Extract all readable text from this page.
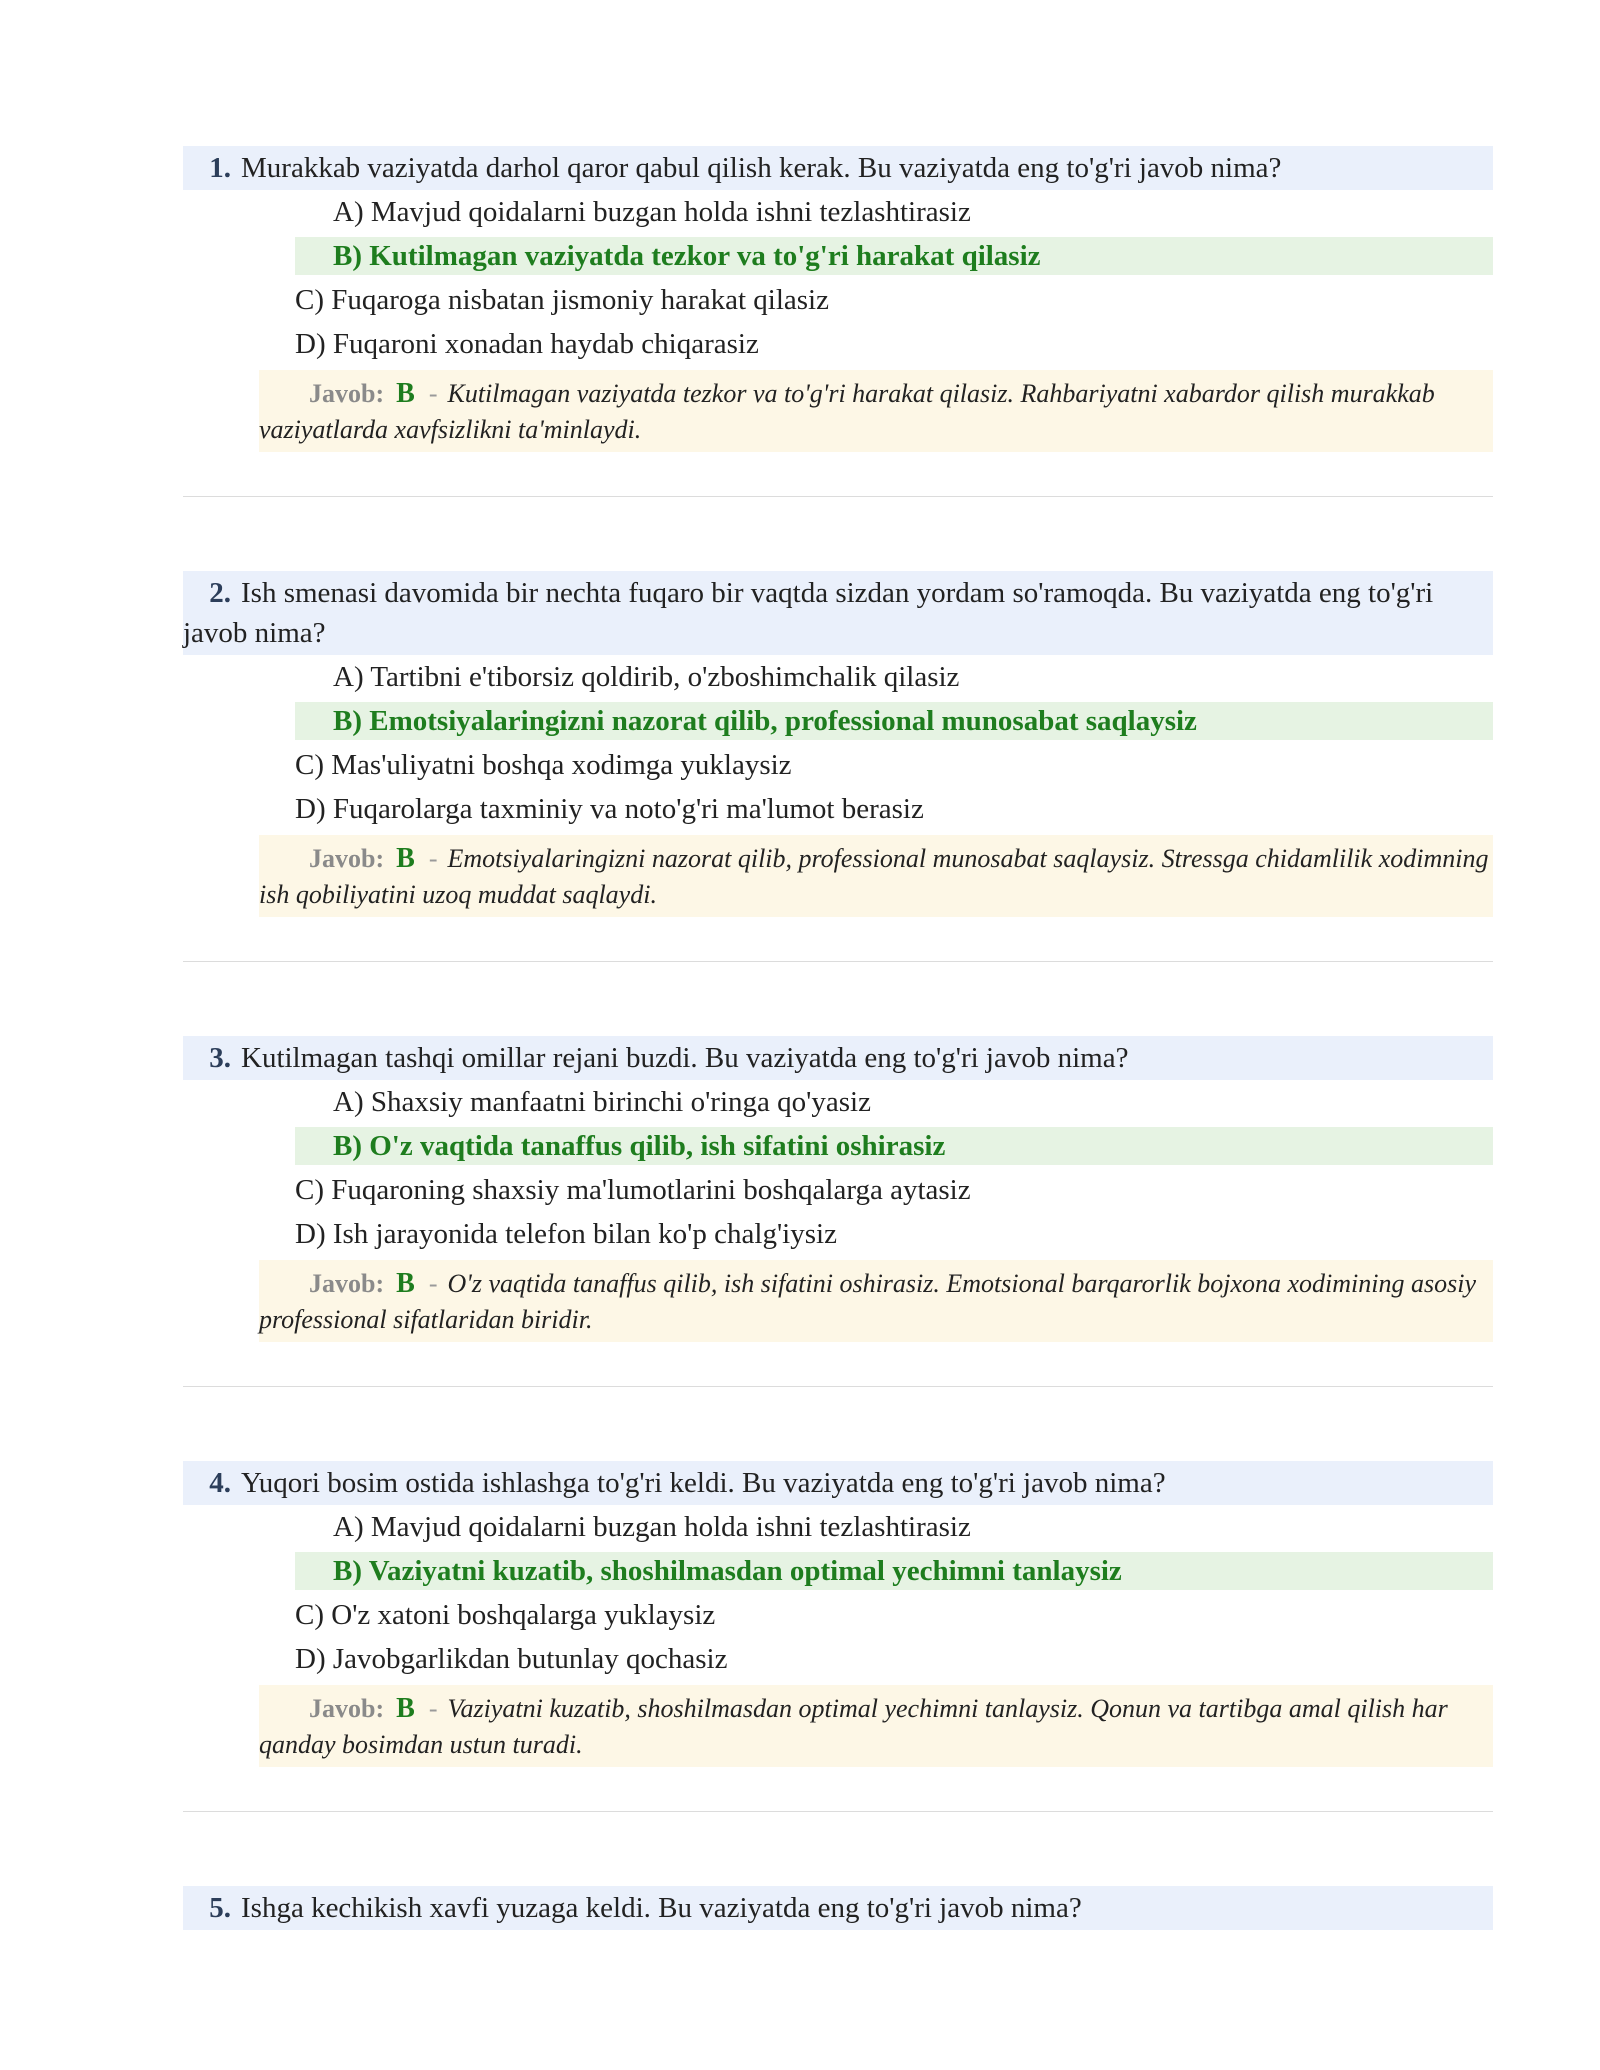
1. Murakkab vaziyatda darhol qaror qabul qilish kerak. Bu vaziyatda eng to'g'ri javob nima?

A) Mavjud qoidalarni buzgan holda ishni tezlashtirasiz
B) Kutilmagan vaziyatda tezkor va to'g'ri harakat qilasiz
C) Fuqaroga nisbatan jismoniy harakat qilasiz
D) Fuqaroni xonadan haydab chiqarasiz
Javob: B - Kutilmagan vaziyatda tezkor va to'g'ri harakat qilasiz. Rahbariyatni xabardor qilish murakkab vaziyatlarda xavfsizlikni ta'minlaydi.

2. Ish smenasi davomida bir nechta fuqaro bir vaqtda sizdan yordam so'ramoqda. Bu vaziyatda eng to'g'ri javob nima?

A) Tartibni e'tiborsiz qoldirib, o'zboshimchalik qilasiz
B) Emotsiyalaringizni nazorat qilib, professional munosabat saqlaysiz
C) Mas'uliyatni boshqa xodimga yuklaysiz
D) Fuqarolarga taxminiy va noto'g'ri ma'lumot berasiz
Javob: B - Emotsiyalaringizni nazorat qilib, professional munosabat saqlaysiz. Stressga chidamlilik xodimning ish qobiliyatini uzoq muddat saqlaydi.

3. Kutilmagan tashqi omillar rejani buzdi. Bu vaziyatda eng to'g'ri javob nima?

A) Shaxsiy manfaatni birinchi o'ringa qo'yasiz
B) O'z vaqtida tanaffus qilib, ish sifatini oshirasiz
C) Fuqaroning shaxsiy ma'lumotlarini boshqalarga aytasiz
D) Ish jarayonida telefon bilan ko'p chalg'iysiz
Javob: B - O'z vaqtida tanaffus qilib, ish sifatini oshirasiz. Emotsional barqarorlik bojxona xodimining asosiy professional sifatlaridan biridir.

4. Yuqori bosim ostida ishlashga to'g'ri keldi. Bu vaziyatda eng to'g'ri javob nima?

A) Mavjud qoidalarni buzgan holda ishni tezlashtirasiz
B) Vaziyatni kuzatib, shoshilmasdan optimal yechimni tanlaysiz
C) O'z xatoni boshqalarga yuklaysiz
D) Javobgarlikdan butunlay qochasiz
Javob: B - Vaziyatni kuzatib, shoshilmasdan optimal yechimni tanlaysiz. Qonun va tartibga amal qilish har qanday bosimdan ustun turadi.

5. Ishga kechikish xavfi yuzaga keldi. Bu vaziyatda eng to'g'ri javob nima?
